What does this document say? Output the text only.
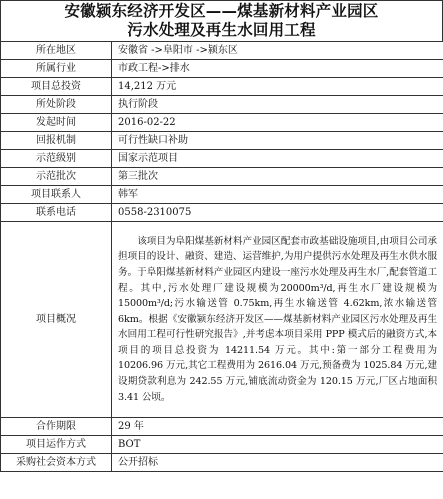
安徽颍东经济开发区——煤基新材料产业园区
污水处理及再生水回用工程
所在地区	安徽省 ->阜阳市 ->颍东区
所属行业	市政工程->排水
项目总投资	14,212 万元
所处阶段	执行阶段
发起时间	2016-02-22
回报机制	可行性缺口补助
示范级别	国家示范项目
示范批次	第三批次
项目联系人	韩军
联系电话	0558-2310075
项目概况	该项目为阜阳煤基新材料产业园区配套市政基础设施项目,由项目公司承担项目的设计、融资、建造、运营维护,为用户提供污水处理及再生水供水服务。于阜阳煤基新材料产业园区内建设一座污水处理及再生水厂,配套管道工程。其中,污水处理厂建设规模为20000m³/d,再生水厂建设规模为15000m³/d;污水输送管 0.75km,再生水输送管 4.62km,浓水输送管 6km。根据《安徽颍东经济开发区——煤基新材料产业园区污水处理及再生水回用工程可行性研究报告》,并考虑本项目采用 PPP 模式后的融资方式,本项目的项目总投资为 14211.54 万元。其中:第一部分工程费用为 10206.96 万元,其它工程费用为 2616.04 万元,预备费为 1025.84 万元,建设期贷款利息为 242.55 万元,铺底流动资金为 120.15 万元,厂区占地面积 3.41 公顷。
合作期限	29 年
项目运作方式	BOT
采购社会资本方式	公开招标
